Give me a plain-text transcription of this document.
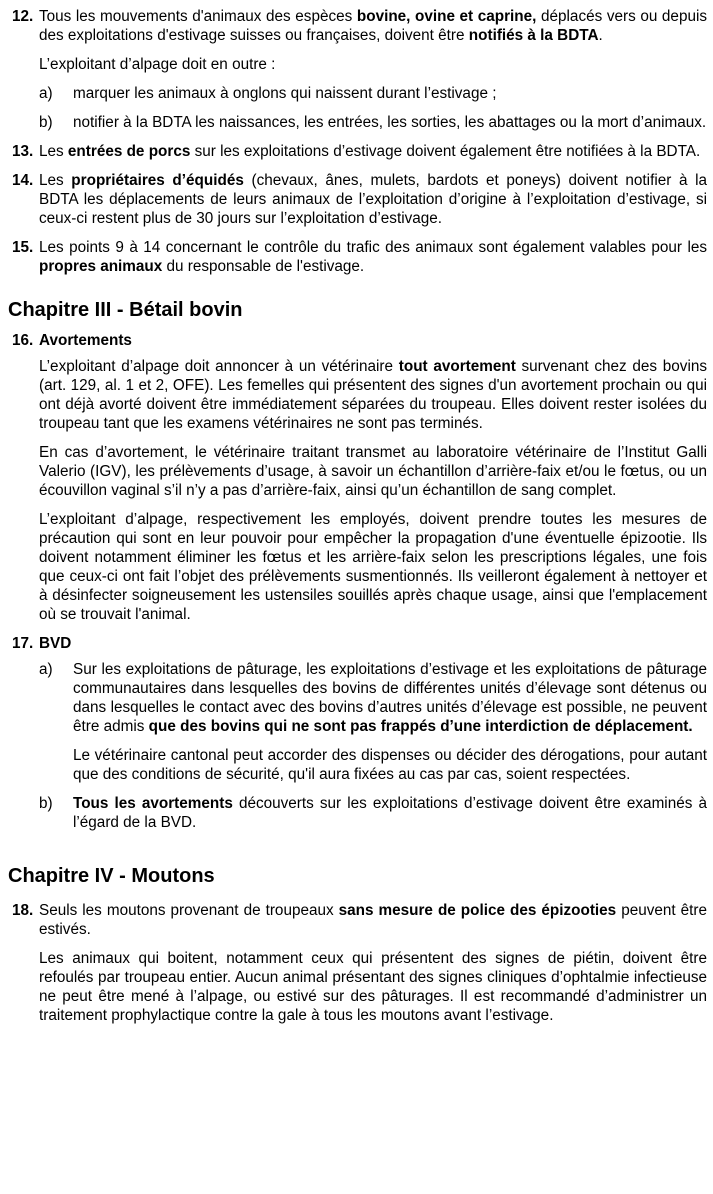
12. Tous les mouvements d'animaux des espèces bovine, ovine et caprine, déplacés vers ou depuis des exploitations d'estivage suisses ou françaises, doivent être notifiés à la BDTA.

L’exploitant d’alpage doit en outre :

a) marquer les animaux à onglons qui naissent durant l’estivage ;

b) notifier à la BDTA les naissances, les entrées, les sorties, les abattages ou la mort d’animaux.

13. Les entrées de porcs sur les exploitations d’estivage doivent également être notifiées à la BDTA.

14. Les propriétaires d’équidés (chevaux, ânes, mulets, bardots et poneys) doivent notifier à la BDTA les déplacements de leurs animaux de l’exploitation d’origine à l’exploitation d’estivage, si ceux-ci restent plus de 30 jours sur l’exploitation d’estivage.

15. Les points 9 à 14 concernant le contrôle du trafic des animaux sont également valables pour les propres animaux du responsable de l'estivage.

Chapitre III - Bétail bovin
16. Avortements

L’exploitant d’alpage doit annoncer à un vétérinaire tout avortement survenant chez des bovins (art. 129, al. 1 et 2, OFE). Les femelles qui présentent des signes d'un avortement prochain ou qui ont déjà avorté doivent être immédiatement séparées du troupeau. Elles doivent rester isolées du troupeau tant que les examens vétérinaires ne sont pas terminés.

En cas d’avortement, le vétérinaire traitant transmet au laboratoire vétérinaire de l’Institut Galli Valerio (IGV), les prélèvements d’usage, à savoir un échantillon d’arrière-faix et/ou le fœtus, ou un écouvillon vaginal s’il n’y a pas d’arrière-faix, ainsi qu’un échantillon de sang complet.

L’exploitant d’alpage, respectivement les employés, doivent prendre toutes les mesures de précaution qui sont en leur pouvoir pour empêcher la propagation d'une éventuelle épizootie. Ils doivent notamment éliminer les fœtus et les arrière-faix selon les prescriptions légales, une fois que ceux-ci ont fait l’objet des prélèvements susmentionnés. Ils veilleront également à nettoyer et à désinfecter soigneusement les ustensiles souillés après chaque usage, ainsi que l'emplacement où se trouvait l'animal.

17. BVD
a) Sur les exploitations de pâturage, les exploitations d’estivage et les exploitations de pâturage communautaires dans lesquelles des bovins de différentes unités d’élevage sont détenus ou dans lesquelles le contact avec des bovins d’autres unités d’élevage est possible, ne peuvent être admis que des bovins qui ne sont pas frappés d’une interdiction de déplacement.

Le vétérinaire cantonal peut accorder des dispenses ou décider des dérogations, pour autant que des conditions de sécurité, qu'il aura fixées au cas par cas, soient respectées.

b) Tous les avortements découverts sur les exploitations d’estivage doivent être examinés à l’égard de la BVD.

Chapitre IV - Moutons
18. Seuls les moutons provenant de troupeaux sans mesure de police des épizooties peuvent être estivés.

Les animaux qui boitent, notamment ceux qui présentent des signes de piétin, doivent être refoulés par troupeau entier. Aucun animal présentant des signes cliniques d’ophtalmie infectieuse ne peut être mené à l’alpage, ou estivé sur des pâturages. Il est recommandé d’administrer un traitement prophylactique contre la gale à tous les moutons avant l’estivage.
